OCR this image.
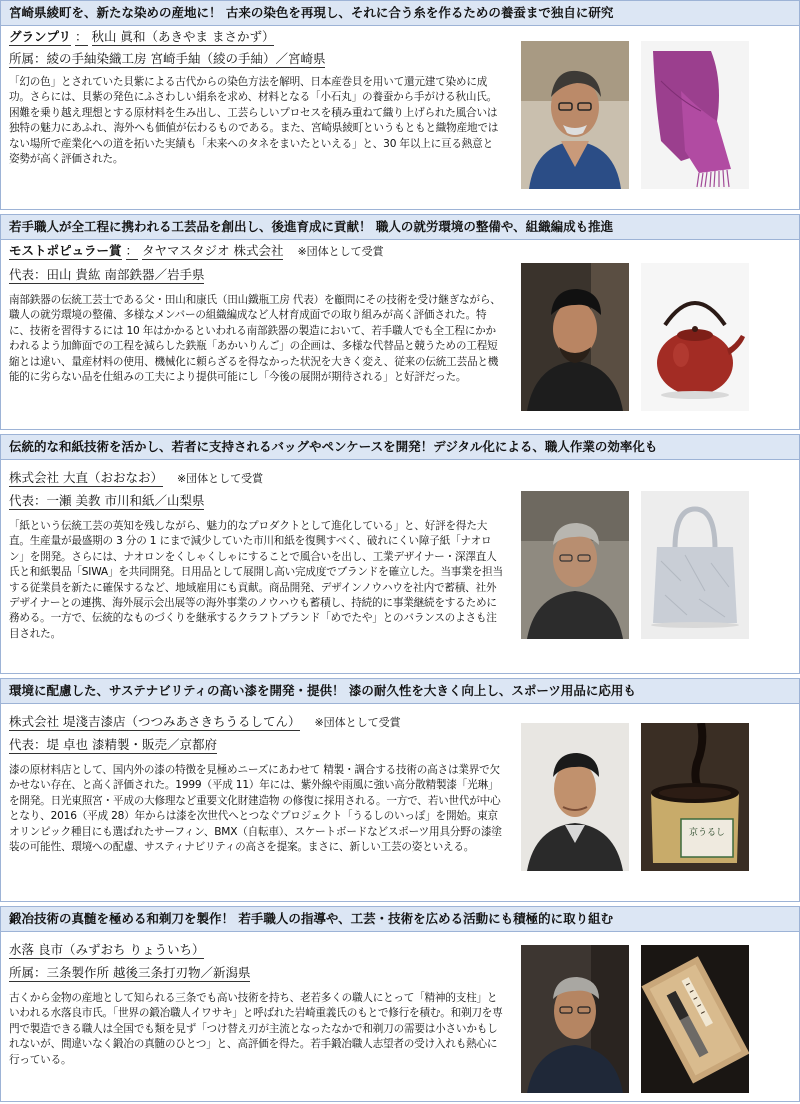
宮崎県綾町を、新たな染めの産地に！ 古来の染色を再現し、それに合う糸を作るための養蚕まで独自に研究
グランプリ ： 秋山 眞和（あきやま まさかず）
所属：綾の手紬染織工房 宮崎手紬（綾の手紬）／宮崎県
「幻の色」とされていた貝紫による古代からの染色方法を解明、日本産巻貝を用いて還元建て染めに成功。さらには、貝紫の発色にふさわしい絹糸を求め、材料となる「小石丸」の養蚕から手がける秋山氏。困難を乗り越え理想とする原材料を生み出し、工芸らしいプロセスを積み重ねて織り上げられた風合いは独特の魅力にあふれ、海外へも価値が伝わるものである。また、宮崎県綾町というもともと織物産地ではない場所で産業化への道を拓いた実績も「未来へのタネをまいたといえる」と、30 年以上に亘る熱意と姿勢が高く評価された。
若手職人が全工程に携われる工芸品を創出し、後進育成に貢献！ 職人の就労環境の整備や、組織編成も推進
モストポピュラー賞 ： タヤマスタジオ 株式会社 ※団体として受賞
代表：田山 貴紘 南部鉄器／岩手県
南部鉄器の伝統工芸士である父・田山和康氏（田山鐵瓶工房 代表）を顧問にその技術を受け継ぎながら、職人の就労環境の整備、多様なメンバーの組織編成など人材育成面での取り組みが高く評価された。特に、技術を習得するには 10 年はかかるといわれる南部鉄器の製造において、若手職人でも全工程にかかわれるよう加飾面での工程を減らした鉄瓶「あかいりんご」の企画は、多様な代替品と競うための工程短縮とは違い、量産材料の使用、機械化に頼らざるを得なかった状況を大きく変え、従来の伝統工芸品と機能的に劣らない品を仕組みの工夫により提供可能にし「今後の展開が期待される」と好評だった。
伝統的な和紙技術を活かし、若者に支持されるバッグやペンケースを開発！デジタル化による、職人作業の効率化も
株式会社 大直（おおなお） ※団体として受賞
代表：一瀬 美教 市川和紙／山梨県
「紙という伝統工芸の英知を残しながら、魅力的なプロダクトとして進化している」と、好評を得た大直。生産量が最盛期の 3 分の 1 にまで減少していた市川和紙を復興すべく、破れにくい障子紙「ナオロン」を開発。さらには、ナオロンをくしゃくしゃにすることで風合いを出し、工業デザイナー・深澤直人氏と和紙製品「SIWA」を共同開発。日用品として展開し高い完成度でブランドを確立した。当事業を担当する従業員を新たに確保するなど、地域雇用にも貢献。商品開発、デザインノウハウを社内で蓄積、社外デザイナーとの連携、海外展示会出展等の海外事業のノウハウも蓄積し、持続的に事業継続をするために務める。一方で、伝統的なものづくりを継承するクラフトブランド「めでたや」とのバランスのよさも注目された。
環境に配慮した、サステナビリティの高い漆を開発・提供！ 漆の耐久性を大きく向上し、スポーツ用品に応用も
株式会社 堤淺吉漆店（つつみあさきちうるしてん） ※団体として受賞
代表：堤 卓也 漆精製・販売／京都府
漆の原材料店として、国内外の漆の特徴を見極めニーズにあわせて 精製・調合する技術の高さは業界で欠かせない存在、と高く評価された。1999（平成 11）年には、紫外線や雨風に強い高分散精製漆「光琳」を開発。日光東照宮・平成の大修理など重要文化財建造物 の修復に採用される。一方で、若い世代が中心となり、2016（平成 28）年からは漆を次世代へとつなぐプロジェクト「うるしのいっぽ」を開始。東京オリンピック種目にも選ばれたサーフィン、BMX（自転車）、スケートボードなどスポーツ用具分野の漆塗装の可能性、環境への配慮、サスティナビリティの高さを提案。まさに、新しい工芸の姿といえる。
京うるし
鍛冶技術の真髄を極める和剃刀を製作！ 若手職人の指導や、工芸・技術を広める活動にも積極的に取り組む
水落 良市（みずおち りょういち）
所属：三条製作所 越後三条打刃物／新潟県
古くから金物の産地として知られる三条でも高い技術を持ち、老若多くの職人にとって「精神的支柱」といわれる水落良市氏。「世界の鍛冶職人イワサキ」と呼ばれた岩崎重義氏のもとで修行を積む。和剃刀を専門で製造できる職人は全国でも類を見ず「つけ替え刃が主流となったなかで和剃刀の需要は小さいかもしれないが、間違いなく鍛冶の真髄のひとつ」と、高評価を得た。若手鍛冶職人志望者の受け入れも熱心に行っている。
